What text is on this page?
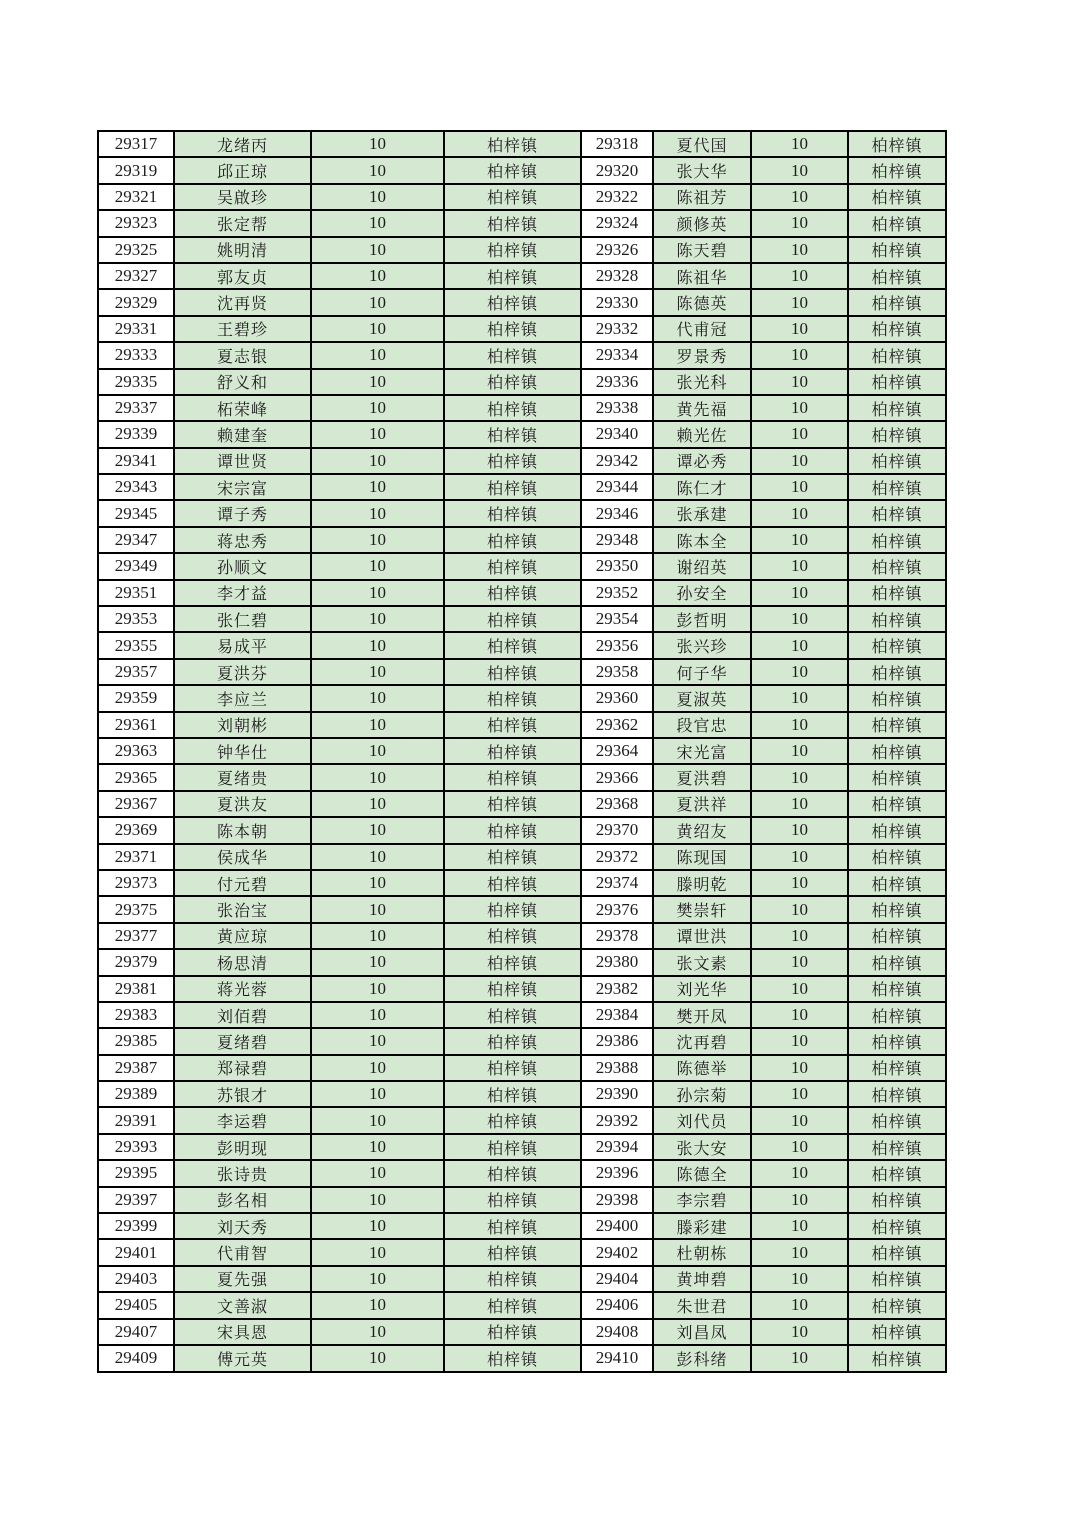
29317	龙绪丙	10	柏梓镇	29318	夏代国	10	柏梓镇
29319	邱正琼	10	柏梓镇	29320	张大华	10	柏梓镇
29321	吴啟珍	10	柏梓镇	29322	陈祖芳	10	柏梓镇
29323	张定帮	10	柏梓镇	29324	颜修英	10	柏梓镇
29325	姚明清	10	柏梓镇	29326	陈天碧	10	柏梓镇
29327	郭友贞	10	柏梓镇	29328	陈祖华	10	柏梓镇
29329	沈再贤	10	柏梓镇	29330	陈德英	10	柏梓镇
29331	王碧珍	10	柏梓镇	29332	代甫冠	10	柏梓镇
29333	夏志银	10	柏梓镇	29334	罗景秀	10	柏梓镇
29335	舒义和	10	柏梓镇	29336	张光科	10	柏梓镇
29337	柘荣峰	10	柏梓镇	29338	黄先福	10	柏梓镇
29339	赖建奎	10	柏梓镇	29340	赖光佐	10	柏梓镇
29341	谭世贤	10	柏梓镇	29342	谭必秀	10	柏梓镇
29343	宋宗富	10	柏梓镇	29344	陈仁才	10	柏梓镇
29345	谭子秀	10	柏梓镇	29346	张承建	10	柏梓镇
29347	蒋忠秀	10	柏梓镇	29348	陈本全	10	柏梓镇
29349	孙顺文	10	柏梓镇	29350	谢绍英	10	柏梓镇
29351	李才益	10	柏梓镇	29352	孙安全	10	柏梓镇
29353	张仁碧	10	柏梓镇	29354	彭哲明	10	柏梓镇
29355	易成平	10	柏梓镇	29356	张兴珍	10	柏梓镇
29357	夏洪芬	10	柏梓镇	29358	何子华	10	柏梓镇
29359	李应兰	10	柏梓镇	29360	夏淑英	10	柏梓镇
29361	刘朝彬	10	柏梓镇	29362	段官忠	10	柏梓镇
29363	钟华仕	10	柏梓镇	29364	宋光富	10	柏梓镇
29365	夏绪贵	10	柏梓镇	29366	夏洪碧	10	柏梓镇
29367	夏洪友	10	柏梓镇	29368	夏洪祥	10	柏梓镇
29369	陈本朝	10	柏梓镇	29370	黄绍友	10	柏梓镇
29371	侯成华	10	柏梓镇	29372	陈现国	10	柏梓镇
29373	付元碧	10	柏梓镇	29374	滕明乾	10	柏梓镇
29375	张治宝	10	柏梓镇	29376	樊崇轩	10	柏梓镇
29377	黄应琼	10	柏梓镇	29378	谭世洪	10	柏梓镇
29379	杨思清	10	柏梓镇	29380	张文素	10	柏梓镇
29381	蒋光蓉	10	柏梓镇	29382	刘光华	10	柏梓镇
29383	刘佰碧	10	柏梓镇	29384	樊开凤	10	柏梓镇
29385	夏绪碧	10	柏梓镇	29386	沈再碧	10	柏梓镇
29387	郑禄碧	10	柏梓镇	29388	陈德举	10	柏梓镇
29389	苏银才	10	柏梓镇	29390	孙宗菊	10	柏梓镇
29391	李运碧	10	柏梓镇	29392	刘代员	10	柏梓镇
29393	彭明现	10	柏梓镇	29394	张大安	10	柏梓镇
29395	张诗贵	10	柏梓镇	29396	陈德全	10	柏梓镇
29397	彭名相	10	柏梓镇	29398	李宗碧	10	柏梓镇
29399	刘天秀	10	柏梓镇	29400	滕彩建	10	柏梓镇
29401	代甫智	10	柏梓镇	29402	杜朝栋	10	柏梓镇
29403	夏先强	10	柏梓镇	29404	黄坤碧	10	柏梓镇
29405	文善淑	10	柏梓镇	29406	朱世君	10	柏梓镇
29407	宋具恩	10	柏梓镇	29408	刘昌凤	10	柏梓镇
29409	傅元英	10	柏梓镇	29410	彭科绪	10	柏梓镇
